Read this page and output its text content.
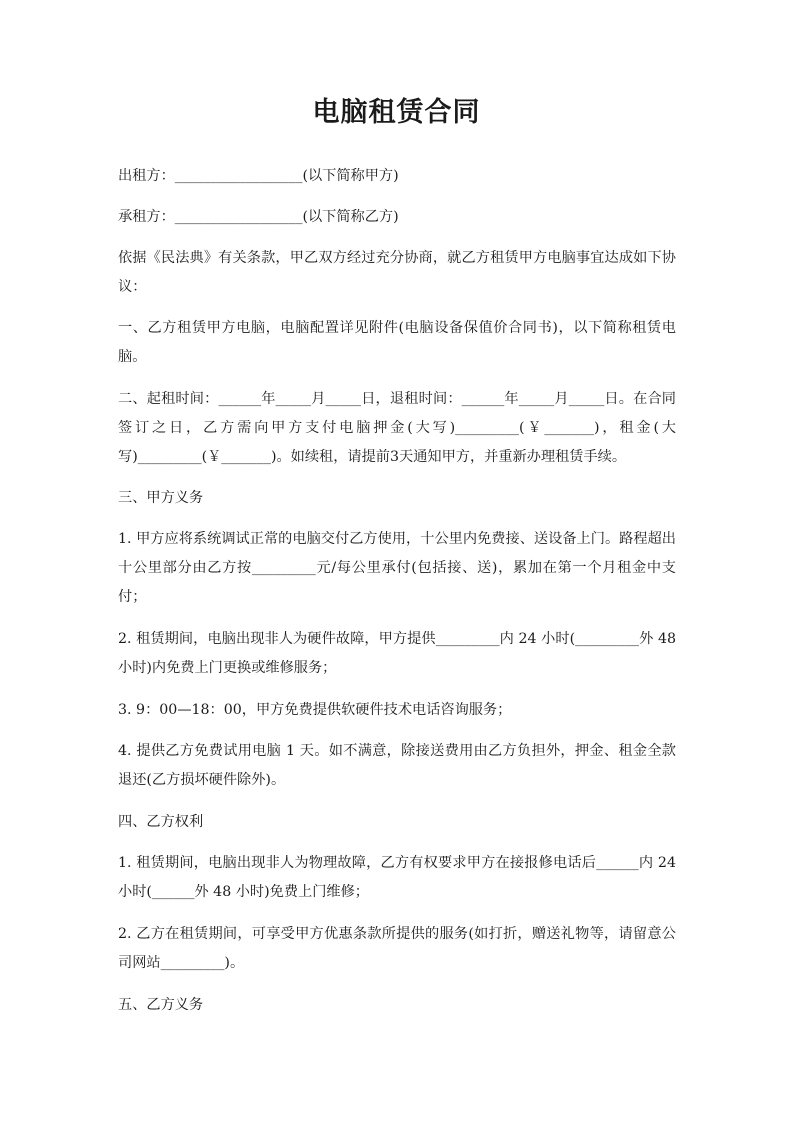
电脑租赁合同

出租方：__________________(以下简称甲方)

承租方：__________________(以下简称乙方)

依据《民法典》有关条款，甲乙双方经过充分协商，就乙方租赁甲方电脑事宜达成如下协议：

一、乙方租赁甲方电脑，电脑配置详见附件(电脑设备保值价合同书)，以下简称租赁电脑。

二、起租时间：______年_____月_____日，退租时间：______年_____月_____日。在合同签订之日，乙方需向甲方支付电脑押金(大写)_________(￥_______)，租金(大写)_________(￥_______)。如续租，请提前3天通知甲方，并重新办理租赁手续。

三、甲方义务

1. 甲方应将系统调试正常的电脑交付乙方使用，十公里内免费接、送设备上门。路程超出十公里部分由乙方按_________元/每公里承付(包括接、送)，累加在第一个月租金中支付；

2. 租赁期间，电脑出现非人为硬件故障，甲方提供_________内 24 小时(_________外 48 小时)内免费上门更换或维修服务；

3. 9：00—18：00，甲方免费提供软硬件技术电话咨询服务；

4. 提供乙方免费试用电脑 1 天。如不满意，除接送费用由乙方负担外，押金、租金全款退还(乙方损坏硬件除外)。

四、乙方权利

1. 租赁期间，电脑出现非人为物理故障，乙方有权要求甲方在接报修电话后______内 24 小时(______外 48 小时)免费上门维修；

2. 乙方在租赁期间，可享受甲方优惠条款所提供的服务(如打折，赠送礼物等，请留意公司网站_________)。

五、乙方义务
